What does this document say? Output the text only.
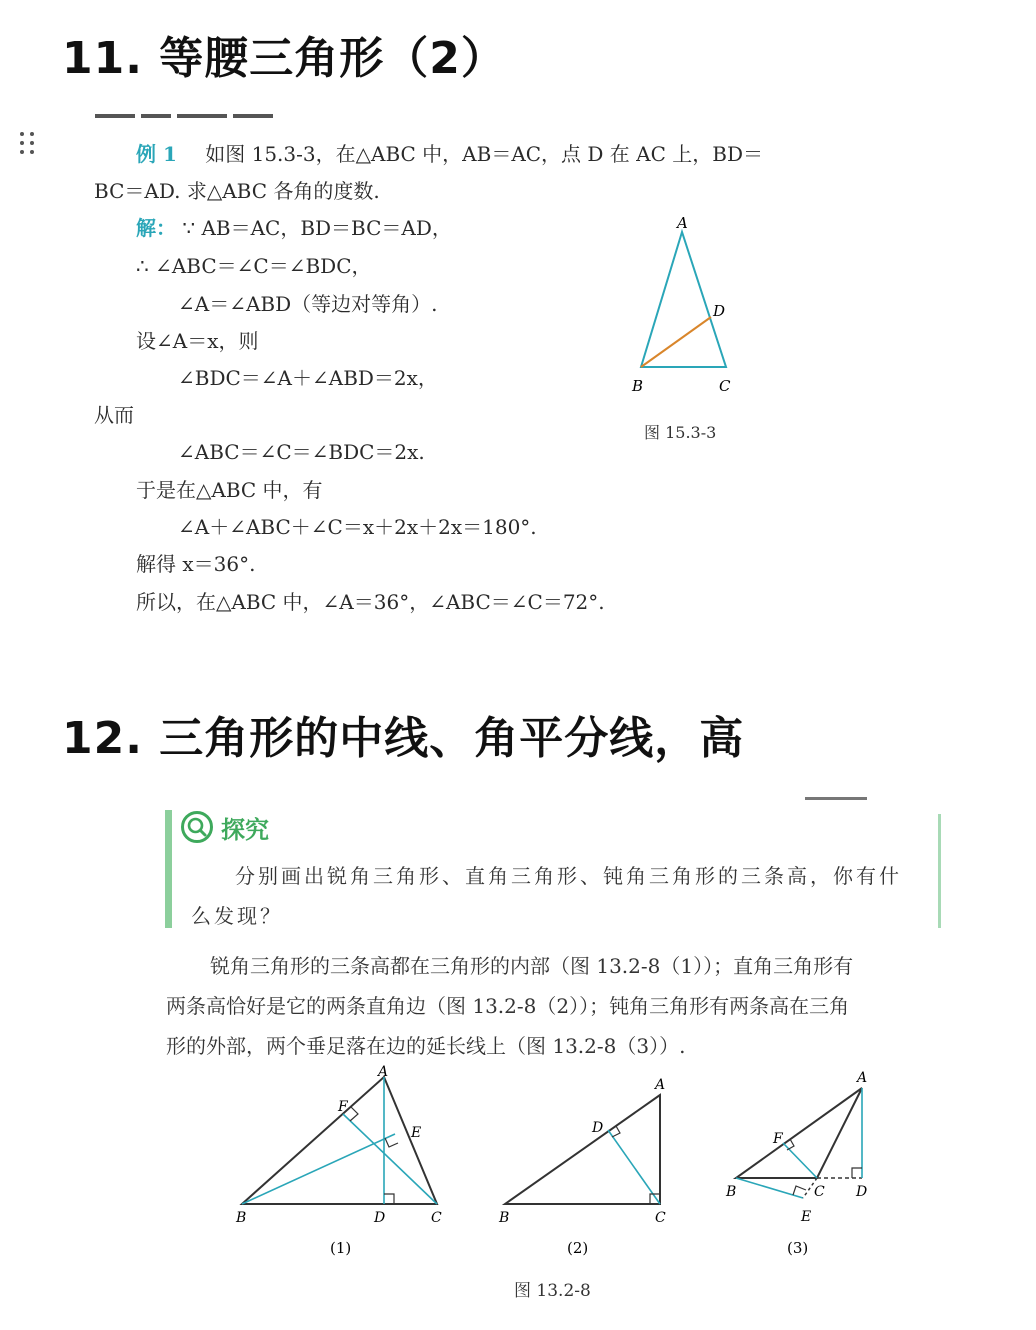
11. 等腰三角形（2）
例 1 如图 15.3-3，在△ABC 中，AB＝AC，点 D 在 AC 上，BD＝
BC＝AD. 求△ABC 各角的度数.
解： ∵ AB＝AC，BD＝BC＝AD，
∴ ∠ABC＝∠C＝∠BDC，
∠A＝∠ABD（等边对等角）.
设∠A＝x，则
∠BDC＝∠A＋∠ABD＝2x，
从而
∠ABC＝∠C＝∠BDC＝2x.
于是在△ABC 中，有
∠A＋∠ABC＋∠C＝x＋2x＋2x＝180°.
解得 x＝36°.
所以，在△ABC 中，∠A＝36°，∠ABC＝∠C＝72°.
A
B	C
D
图 15.3-3
12. 三角形的中线、角平分线，高
探究
分别画出锐角三角形、直角三角形、钝角三角形的三条高，你有什
么发现？
锐角三角形的三条高都在三角形的内部（图 13.2-8（1））；直角三角形有
两条高恰好是它的两条直角边（图 13.2-8（2））；钝角三角形有两条高在三角
形的外部，两个垂足落在边的延长线上（图 13.2-8（3））.
A
B	C
D
E
F
(1)
A
B	C
D
(2)
A
B	C D
E
F
(3)
图 13.2-8
